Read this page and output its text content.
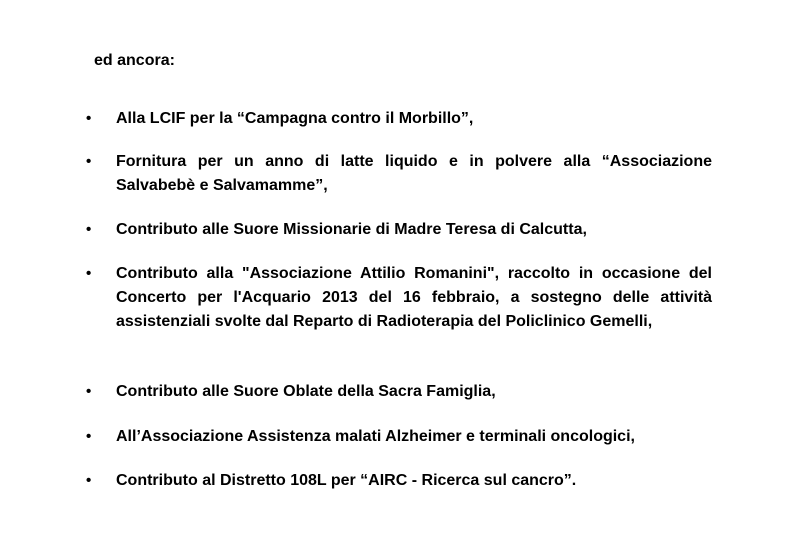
ed ancora:
• Alla LCIF per la “Campagna contro il Morbillo”,
• Fornitura per un anno di latte liquido e in polvere alla “Associazione Salvabebè e Salvamamme”,
• Contributo alle Suore Missionarie di Madre Teresa di Calcutta,
• Contributo alla "Associazione Attilio Romanini", raccolto in occasione del Concerto per l'Acquario 2013 del 16 febbraio, a sostegno delle attività assistenziali svolte dal Reparto di Radioterapia del Policlinico Gemelli,
• Contributo alle Suore Oblate della Sacra Famiglia,
• All’Associazione Assistenza malati Alzheimer e terminali oncologici,
• Contributo al Distretto 108L per “AIRC - Ricerca sul cancro”.
